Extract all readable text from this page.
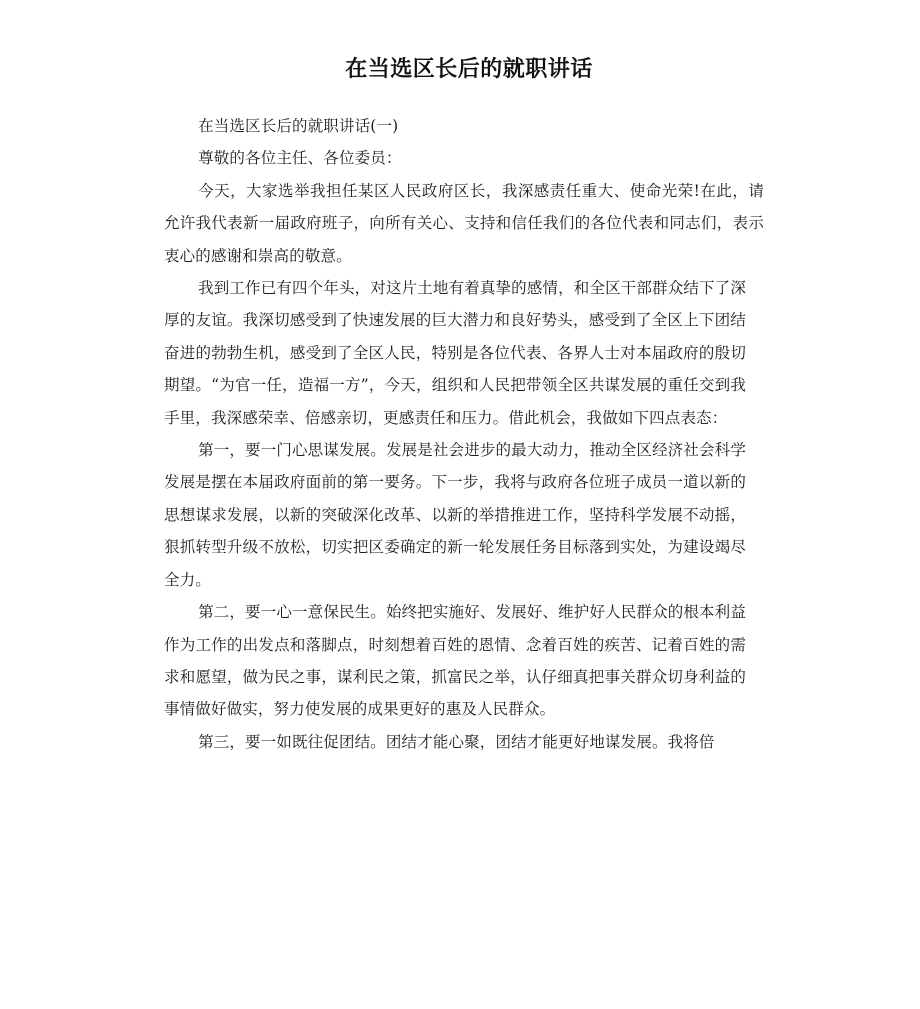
在当选区长后的就职讲话

在当选区长后的就职讲话(一)

尊敬的各位主任、各位委员：

今天，大家选举我担任某区人民政府区长，我深感责任重大、使命光荣!在此，请允许我代表新一届政府班子，向所有关心、支持和信任我们的各位代表和同志们，表示衷心的感谢和崇高的敬意。

我到工作已有四个年头，对这片土地有着真挚的感情，和全区干部群众结下了深厚的友谊。我深切感受到了快速发展的巨大潜力和良好势头，感受到了全区上下团结奋进的勃勃生机，感受到了全区人民，特别是各位代表、各界人士对本届政府的殷切期望。“为官一任，造福一方”，今天，组织和人民把带领全区共谋发展的重任交到我手里，我深感荣幸、倍感亲切，更感责任和压力。借此机会，我做如下四点表态：

第一，要一门心思谋发展。发展是社会进步的最大动力，推动全区经济社会科学发展是摆在本届政府面前的第一要务。下一步，我将与政府各位班子成员一道以新的思想谋求发展，以新的突破深化改革、以新的举措推进工作，坚持科学发展不动摇，狠抓转型升级不放松，切实把区委确定的新一轮发展任务目标落到实处，为建设竭尽全力。

第二，要一心一意保民生。始终把实施好、发展好、维护好人民群众的根本利益作为工作的出发点和落脚点，时刻想着百姓的恩情、念着百姓的疾苦、记着百姓的需求和愿望，做为民之事，谋利民之策，抓富民之举，认仔细真把事关群众切身利益的事情做好做实，努力使发展的成果更好的惠及人民群众。

第三，要一如既往促团结。团结才能心聚，团结才能更好地谋发展。我将倍
